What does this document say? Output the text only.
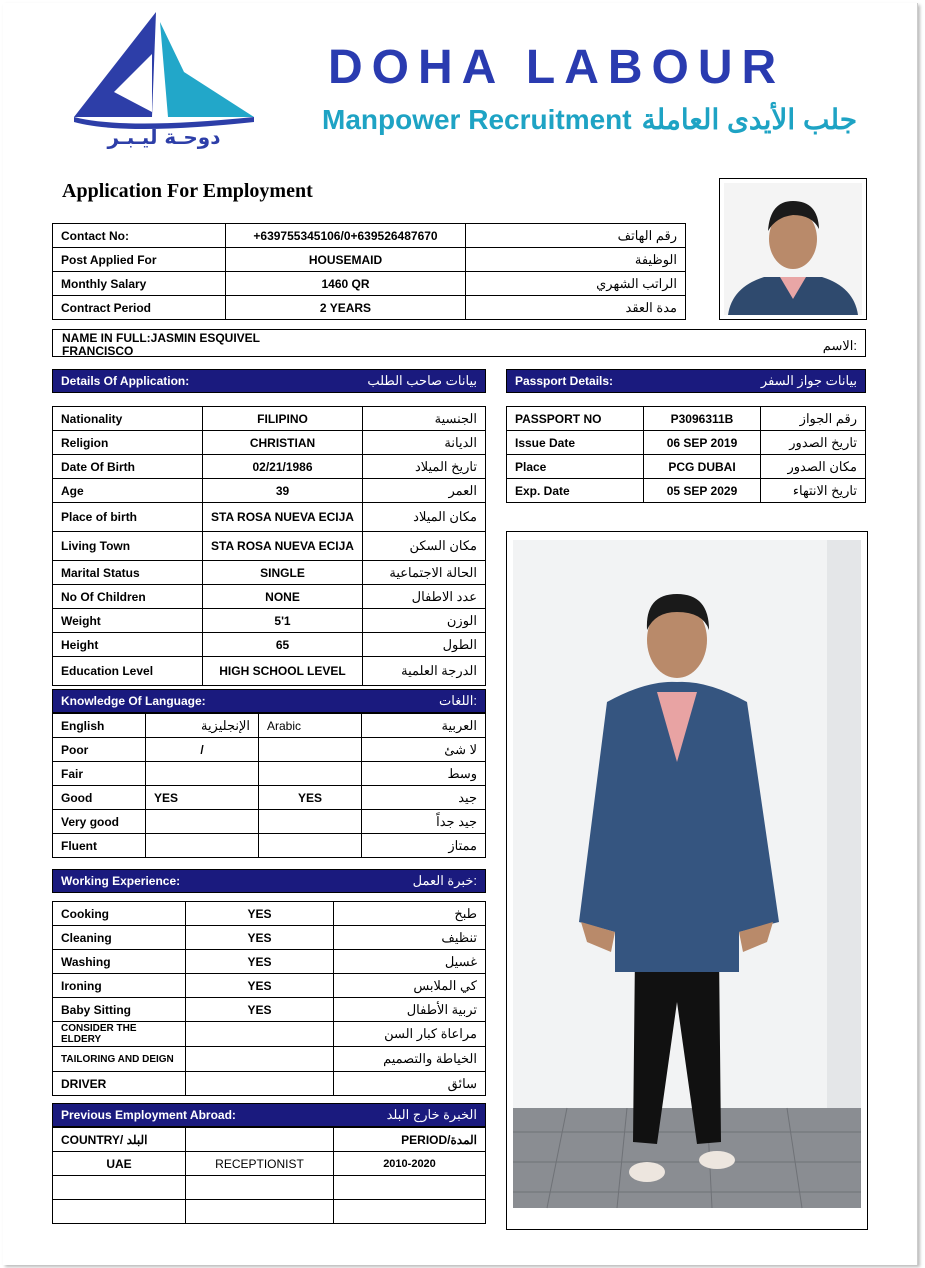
دوحـة ليـبـر
DOHA LABOUR
Manpower Recruitment جلب الأيدى العاملة
Application For Employment
Contact No:	+639755345106/0+639526487670	رقم الهاتف
Post Applied For	HOUSEMAID	الوظيفة
Monthly Salary	1460 QR	الراتب الشهري
Contract Period	2 YEARS	مدة العقد
NAME IN FULL:JASMIN ESQUIVEL FRANCISCO	الاسم:
Details Of Application:	بيانات صاحب الطلب
Nationality	FILIPINO	الجنسية
Religion	CHRISTIAN	الديانة
Date Of Birth	02/21/1986	تاريخ الميلاد
Age	39	العمر
Place of birth	STA ROSA NUEVA ECIJA	مكان الميلاد
Living Town	STA ROSA NUEVA ECIJA	مكان السكن
Marital Status	SINGLE	الحالة الاجتماعية
No Of Children	NONE	عدد الاطفال
Weight	5'1	الوزن
Height	65	الطول
Education Level	HIGH SCHOOL LEVEL	الدرجة العلمية
Passport Details:	بيانات جواز السفر
PASSPORT NO	P3096311B	رقم الجواز
Issue Date	06 SEP 2019	تاريخ الصدور
Place	PCG DUBAI	مكان الصدور
Exp. Date	05 SEP 2029	تاريخ الانتهاء
Knowledge Of Language:	اللغات:
English	الإنجليزية	Arabic	العربية
Poor	/		لا شئ
Fair			وسط
Good	YES	YES	جيد
Very good			جيد جداً
Fluent			ممتاز
Working Experience:	خبرة العمل:
Cooking	YES	طبخ
Cleaning	YES	تنظيف
Washing	YES	غسيل
Ironing	YES	كي الملابس
Baby Sitting	YES	تربية الأطفال
CONSIDER THE ELDERY		مراعاة كبار السن
TAILORING AND DEIGN		الخياطة والتصميم
DRIVER		سائق
Previous Employment Abroad:	الخبرة خارج البلد
COUNTRY/ البلد		PERIOD/المدة
UAE	RECEPTIONIST	2010-2020
